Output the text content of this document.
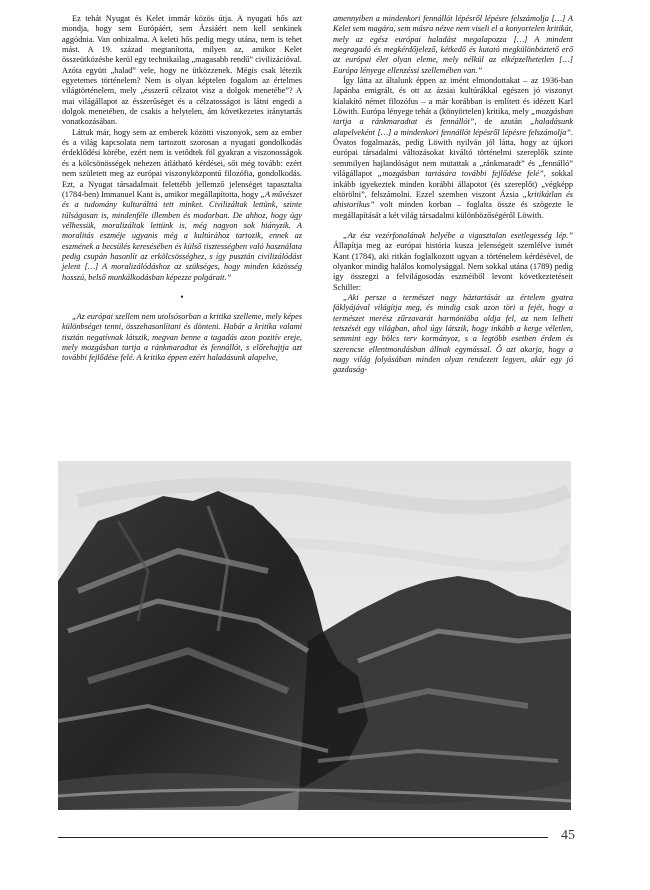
Ez tehát Nyugat és Kelet immár közös útja. A nyugati hős azt mondja, hogy sem Európáért, sem Ázsiáért nem kell senkinek aggódnia. Van onbizalma. A keleti hős pedig megy utána, nem is tehet mást. A 19. század megtanította, milyen az, amikor Kelet összeütközésbe kerül egy technikailag „magasabb rendű” civilizációval. Azóta együtt „halad” vele, hogy ne ütközzenek. Mégis csak létezik egyetemes történelem? Nem is olyan képtelen fogalom az értelmes világtörténelem, mely „ésszerű célzatot visz a dolgok menetébe”? A mai világállapot az ésszerűséget és a célzatosságot is látni engedi a dolgok menetében, de csakis a helytelen, ám következetes iránytartás vonatkozásában.

Láttuk már, hogy sem az emberek közötti viszonyok, sem az ember és a világ kapcsolata nem tartozott szorosan a nyugati gondolkodás érdeklődési körébe, ezért nem is vetődtek föl gyakran a viszonosságok és a kölcsönösségek nehezen átlátható kérdései, sőt még tovább: ezért nem született meg az európai viszonyközpontú filozófia, gondolkodás. Ezt, a Nyugat társadalmait felettébb jellemző jelenséget tapasztalta (1784-ben) Immanuel Kant is, amikor megállapította, hogy „A művészet és a tudomány kulturálttá tett minket. Civilizáltak lettünk, szinte túlságosan is, mindenféle illemben és modorban. De ahhoz, hogy úgy vélhessük, moralizáltak lettünk is, még nagyon sok hiányzik. A moralitás eszméje ugyanis még a kultúrához tartozik, ennek az eszmének a becsülés keresésében és külső tisztességben való használata pedig csupán hasonlít az erkölcsösséghez, s így pusztán civilizálódást jelent […] A moralizálódáshoz az szükséges, hogy minden közösség hosszú, belső munkálkodásban képezze polgárait.”

•

„Az európai szellem nem utolsósorban a kritika szelleme, mely képes különbséget tenni, összehasonlítani és dönteni. Habár a kritika valami tisztán negatívnak látszik, megvan benne a tagadás azon pozitív ereje, mely mozgásban tartja a ránkmaradtat és fennállót, s előrehajtja azt további fejlődése felé. A kritika éppen ezért haladásunk alapelve,

amennyiben a mindenkori fennállót lépésről lépésre felszámolja […] A Kelet sem magára, sem másra nézve nem viseli el a konyortelen kritikát, mely az egész európai haladást megalapozza […] A mindent megragadó és megkérdőjelező, kétkedő és kutató megkülönböztető erő az európai élet olyan eleme, mely nélkül az elképzelhetetlen […] Európa lényege ellenzéssi szellemében van.”

Így látta az általunk éppen az imént elmondottakat – az 1936-ban Japánba emigrált, és ott az ázsiai kultúrákkal egészen jó viszonyt kialakító német filozófus – a már korábban is említett és idézett Karl Löwith. Európa lényege tehát a (könyörtelen) kritika, mely „mozgásban tartja a ránkmaradtat és fennállót”, de azután „haladásunk alapelveként […] a mindenkori fennállót lépésről lépésre felszámolja”. Óvatos fogalmazás, pedig Löwith nyilván jól látta, hogy az újkori európai társadalmi változásokat kiváltó történelmi szereplők szinte semmilyen hajlandóságot nem mutattak a „ránkmaradt” és „fennálló” világállapot „mozgásban tartására további fejlődése felé”, sokkal inkább igyekeztek minden korábbi állapotot (és szereplőt) „végképp eltörölni”, felszámolni. Ezzel szemben viszont Ázsia „kritikátlan és ahistorikus” volt minden korban – foglalta össze és szögezte le megállapítását a két világ társadalmi különbözőségéről Löwith.

„Az ész vezérfonalának helyébe a vigasztalan esetlegesség lép.” Állapítja meg az európai história kusza jelenségeit szemlélve ismét Kant (1784), aki ritkán foglalkozott ugyan a történelem kérdésével, de olyankor mindig halálos komolysággal. Nem sokkal utána (1789) pedig így összegzi a felvilágosodás eszméiből levont következtetéseit Schiller:

„Aki persze a természet nagy háztartását az értelem gyatra fáklyájával világítja meg, és mindig csak azon töri a fejét, hogy a természet merész zűrzavarát harmóniába oldja fel, az nem lelheti tetszését egy világban, ahol úgy látszik, hogy inkább a kerge véletlen, semmint egy bölcs terv kormányoz, s a legtöbb esetben érdem és szerencse ellentmondásban állnak egymással. Ő azt akarja, hogy a nagy világ folyásában minden olyan rendezett legyen, akár egy jó gazdaság-

45
